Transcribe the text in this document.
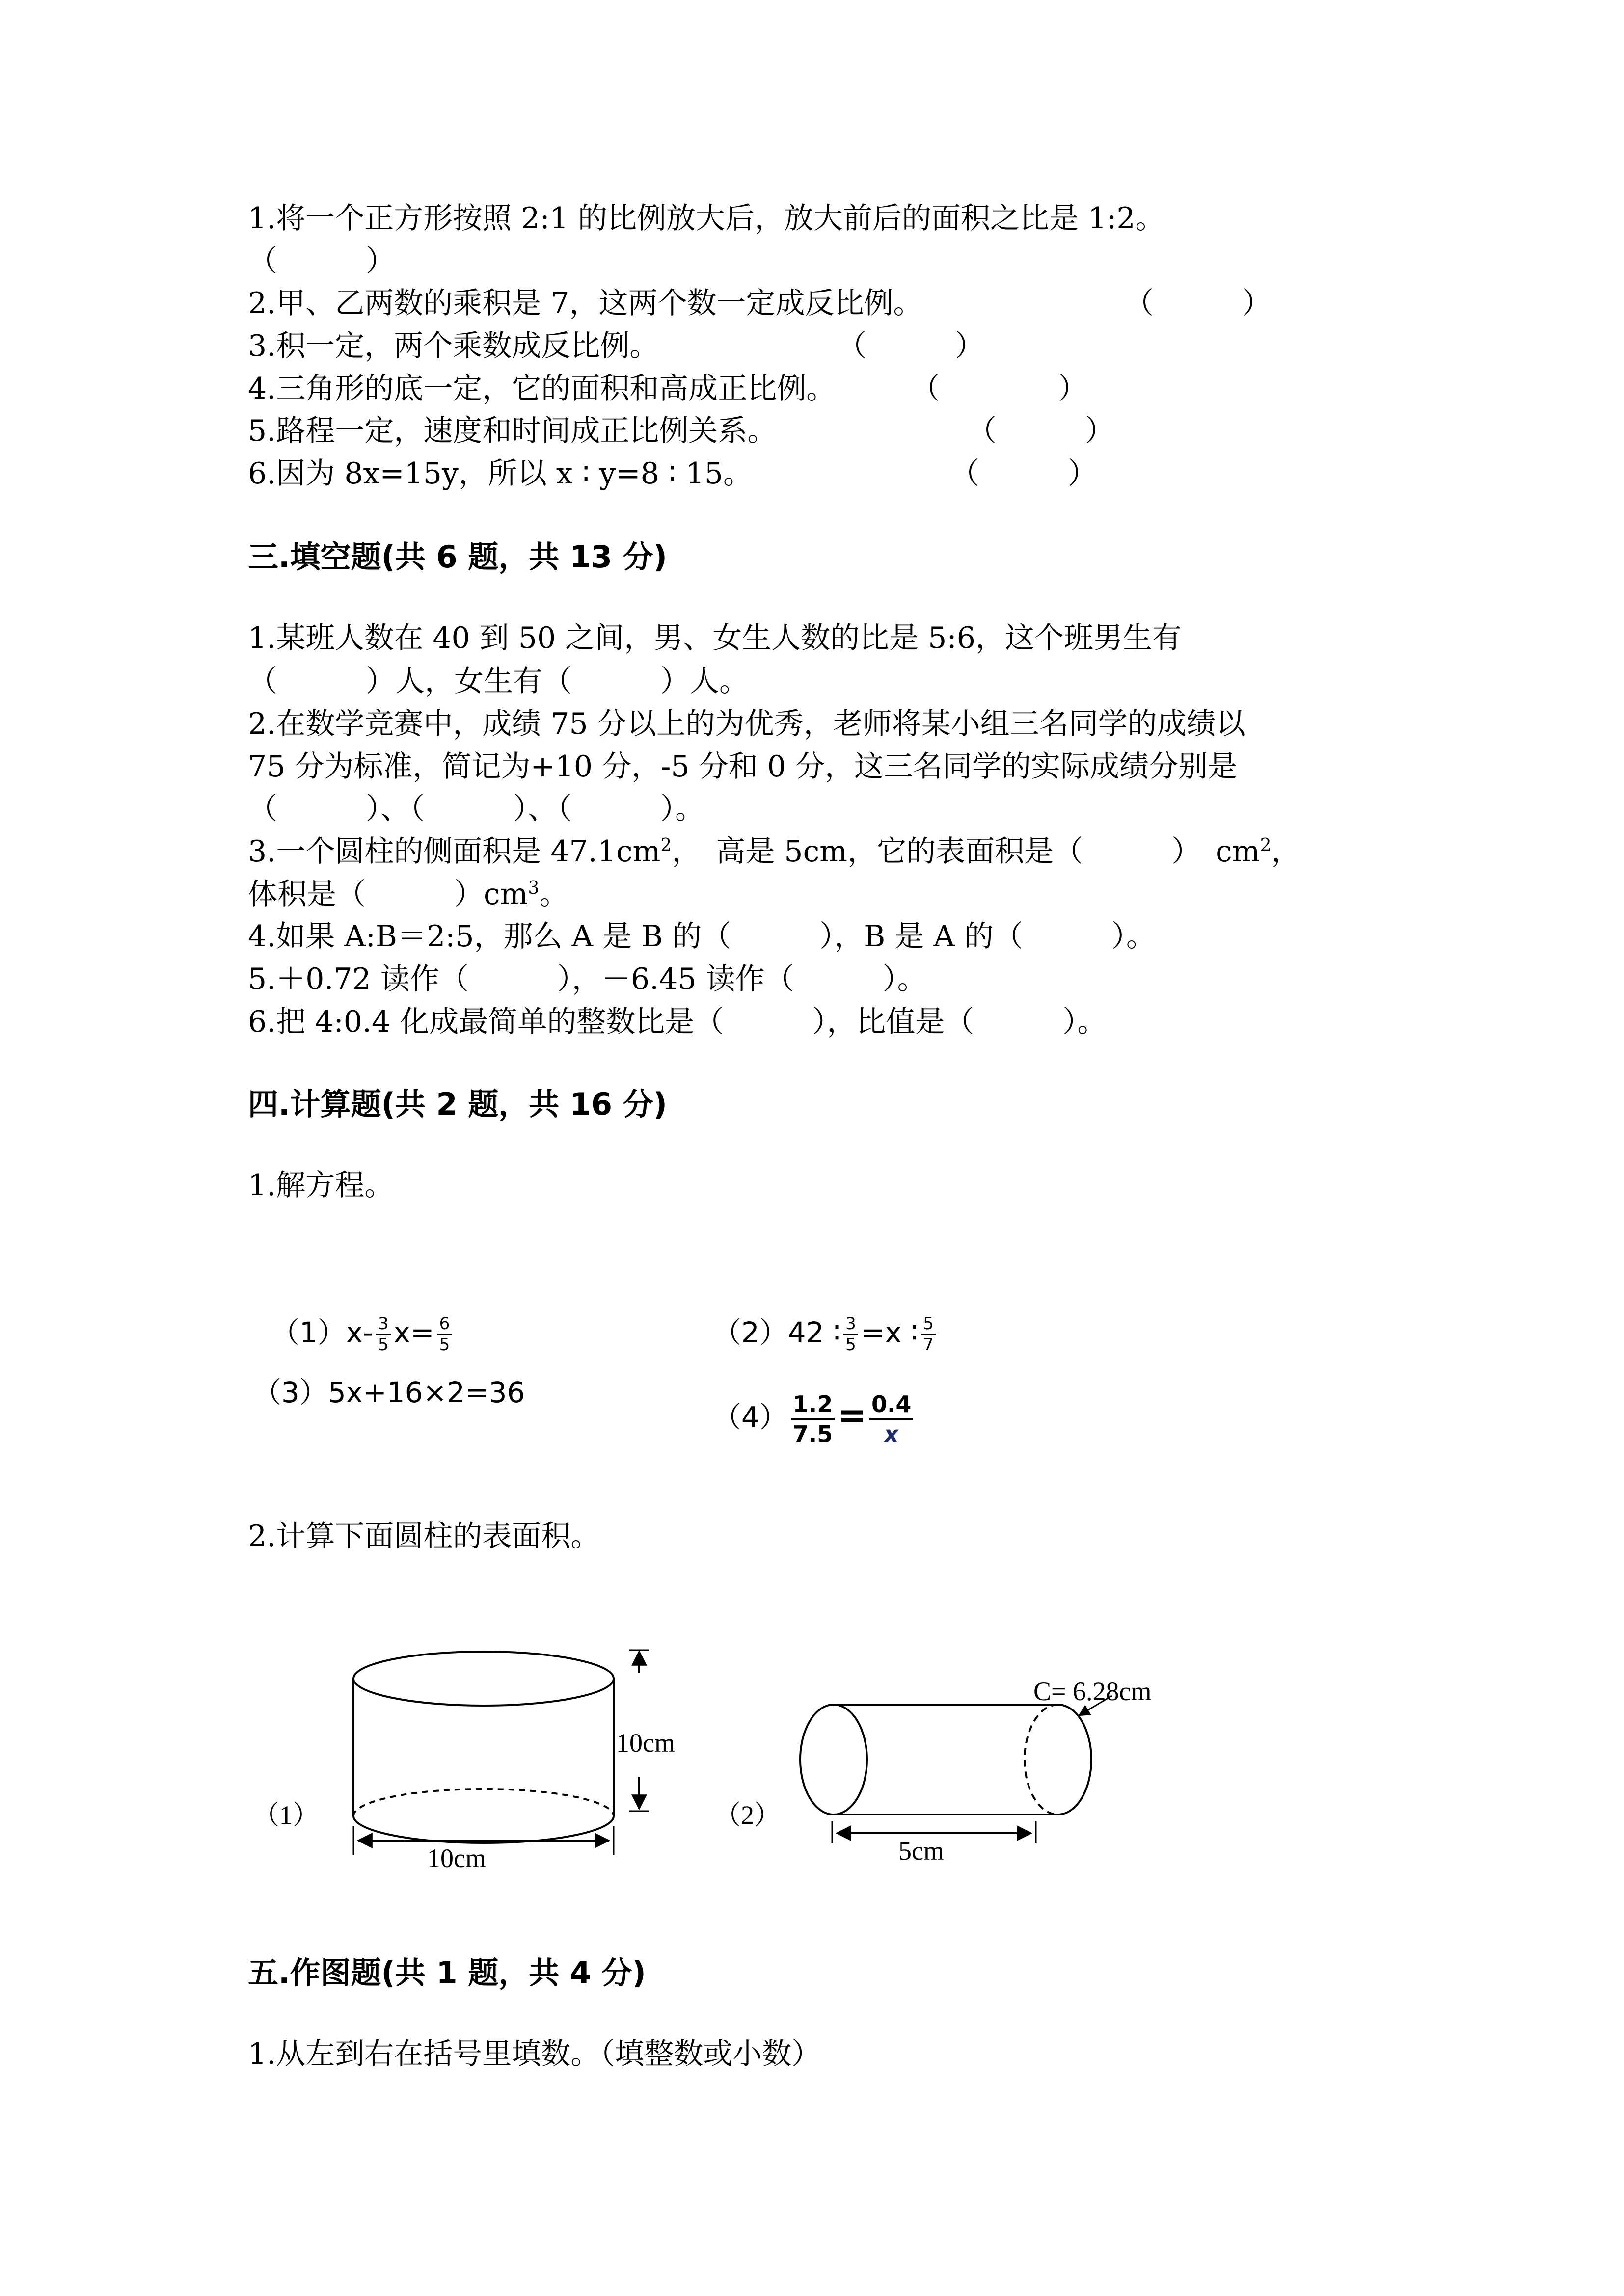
1.将一个正方形按照 2:1 的比例放大后，放大前后的面积之比是 1:2。
（　　　）
2.甲、乙两数的乘积是 7，这两个数一定成反比例。	（　　　）
3.积一定，两个乘数成反比例。	（　　　）
4.三角形的底一定，它的面积和高成正比例。	（　　　　）
5.路程一定，速度和时间成正比例关系。	（　　　）
6.因为 8x=15y，所以 x ∶ y=8 ∶ 15。	（　　　）
三.填空题(共 6 题，共 13 分)
1.某班人数在 40 到 50 之间，男、女生人数的比是 5:6，这个班男生有
（　　　）人，女生有（　　　）人。
2.在数学竞赛中，成绩 75 分以上的为优秀，老师将某小组三名同学的成绩以
75 分为标准，简记为+10 分，-5 分和 0 分，这三名同学的实际成绩分别是
（　　　）、（　　　）、（　　　）。
3.一个圆柱的侧面积是 $47.1cm^2$，　高是 5cm，它的表面积是（　　　）　$cm^2$，
体积是（　　　）$cm^3$。
4.如果 A:B＝2:5，那么 A 是 B 的（　　　），B 是 A 的（　　　）。
5.＋0.72 读作（　　　），－6.45 读作（　　　）。
6.把 4:0.4 化成最简单的整数比是（　　　），比值是（　　　）。
四.计算题(共 2 题，共 16 分)
1.解方程。

$(1)x- \frac{3}{5} x= \frac{6}{5}$	（2）42 ∶ $\frac{3}{5} =x$ ∶ $\frac{5}{7}$

（3）5x+16×2=36

$(4) \frac{1.2}{7.5} = \frac{0.4}{x}$

2.计算下面圆柱的表面积。
（1）
10cm
10cm
（2）
C= 6.28cm
5cm
五.作图题(共 1 题，共 4 分)
1.从左到右在括号里填数。（填整数或小数）
